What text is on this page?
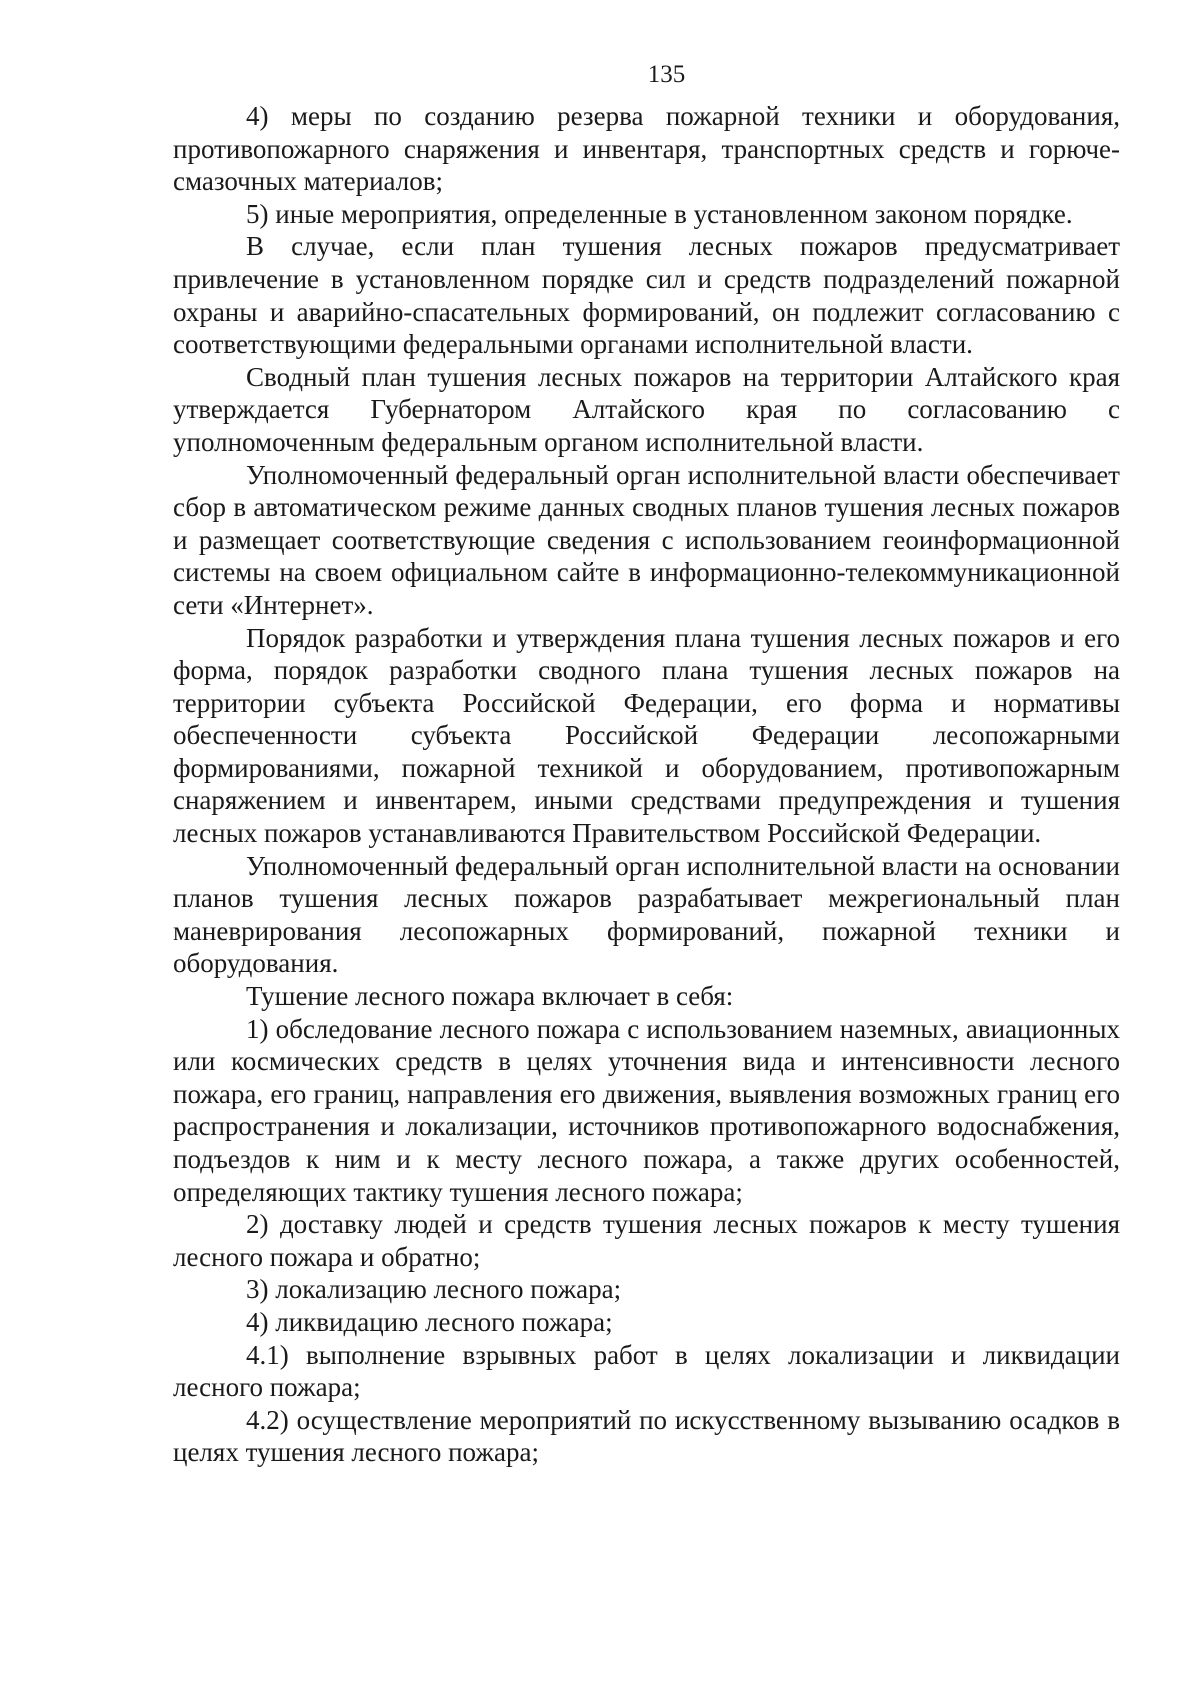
135

4) меры по созданию резерва пожарной техники и оборудования, противопожарного снаряжения и инвентаря, транспортных средств и горюче-смазочных материалов;

5) иные мероприятия, определенные в установленном законом порядке.

В случае, если план тушения лесных пожаров предусматривает привлечение в установленном порядке сил и средств подразделений пожарной охраны и аварийно-спасательных формирований, он подлежит согласованию с соответствующими федеральными органами исполнительной власти.

Сводный план тушения лесных пожаров на территории Алтайского края утверждается Губернатором Алтайского края по согласованию с уполномоченным федеральным органом исполнительной власти.

Уполномоченный федеральный орган исполнительной власти обеспечивает сбор в автоматическом режиме данных сводных планов тушения лесных пожаров и размещает соответствующие сведения с использованием геоинформационной системы на своем официальном сайте в информационно-телекоммуникационной сети «Интернет».

Порядок разработки и утверждения плана тушения лесных пожаров и его форма, порядок разработки сводного плана тушения лесных пожаров на территории субъекта Российской Федерации, его форма и нормативы обеспеченности субъекта Российской Федерации лесопожарными формированиями, пожарной техникой и оборудованием, противопожарным снаряжением и инвентарем, иными средствами предупреждения и тушения лесных пожаров устанавливаются Правительством Российской Федерации.

Уполномоченный федеральный орган исполнительной власти на основании планов тушения лесных пожаров разрабатывает межрегиональный план маневрирования лесопожарных формирований, пожарной техники и оборудования.

Тушение лесного пожара включает в себя:

1) обследование лесного пожара с использованием наземных, авиационных или космических средств в целях уточнения вида и интенсивности лесного пожара, его границ, направления его движения, выявления возможных границ его распространения и локализации, источников противопожарного водоснабжения, подъездов к ним и к месту лесного пожара, а также других особенностей, определяющих тактику тушения лесного пожара;

2) доставку людей и средств тушения лесных пожаров к месту тушения лесного пожара и обратно;

3) локализацию лесного пожара;

4) ликвидацию лесного пожара;

4.1) выполнение взрывных работ в целях локализации и ликвидации лесного пожара;

4.2) осуществление мероприятий по искусственному вызыванию осадков в целях тушения лесного пожара;
